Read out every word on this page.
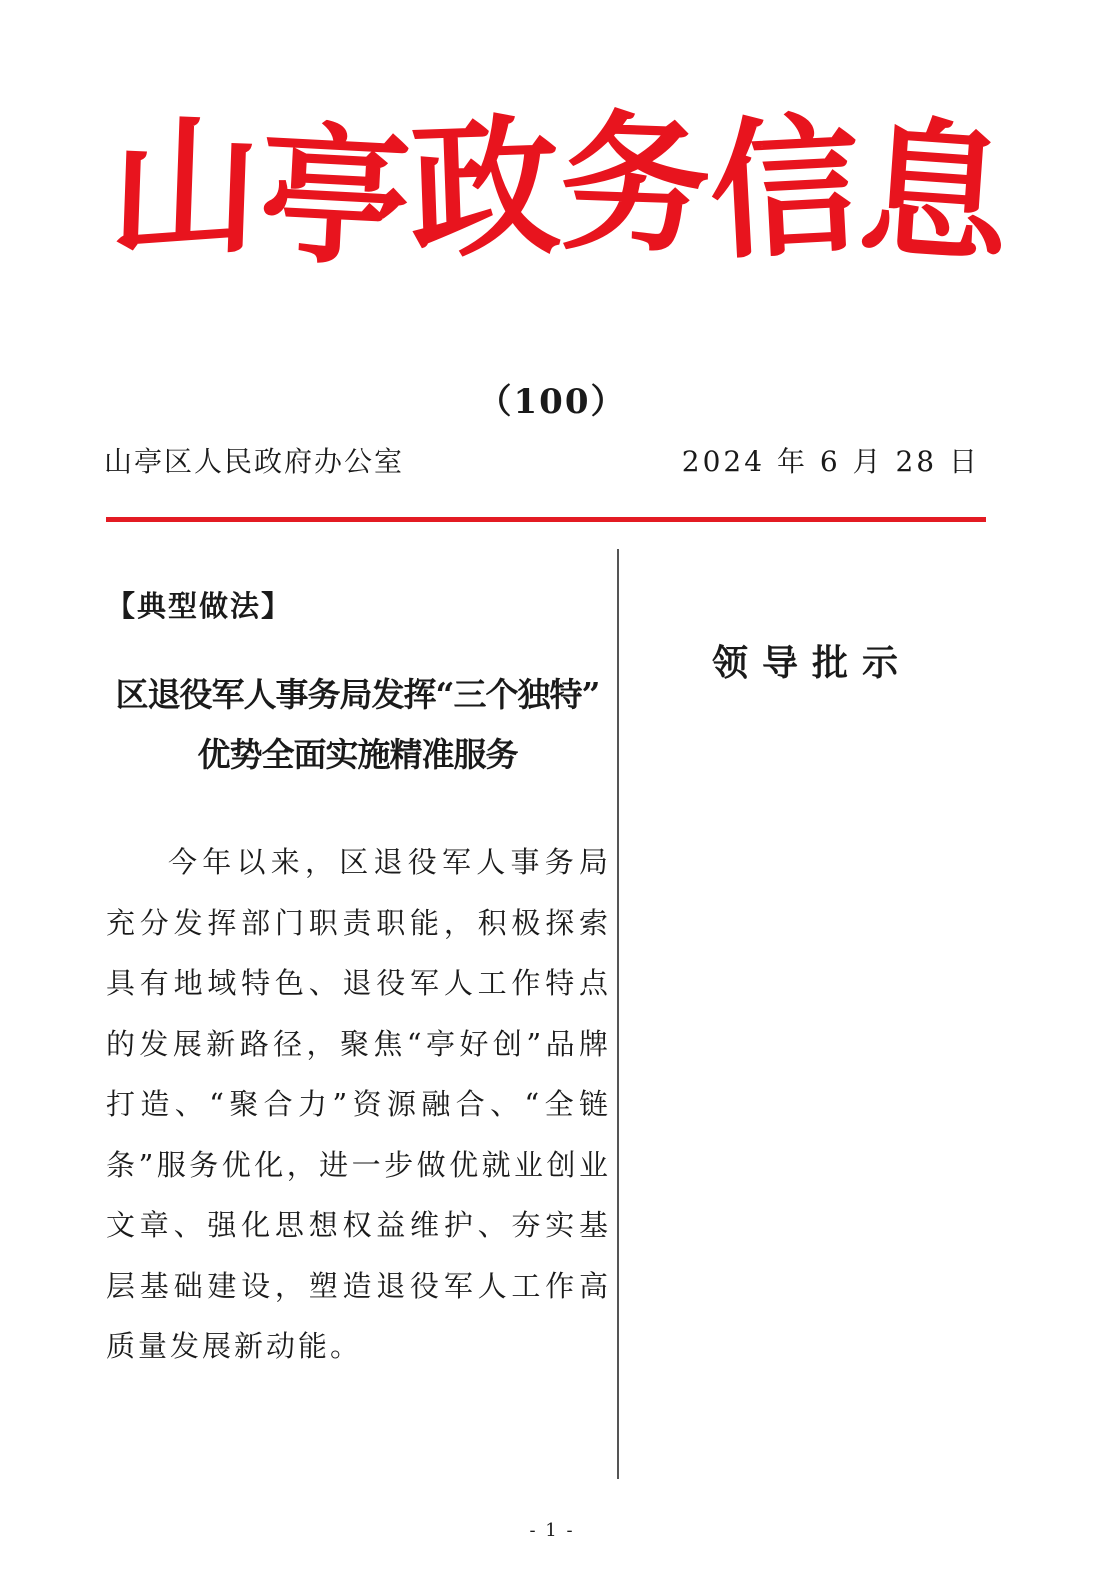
山
亭
政
务
信
息
（100）
山亭区人民政府办公室	2024 年 6 月 28 日
【典型做法】
区退役军人事务局发挥“三个独特”
优势全面实施精准服务
今年以来，区退役军人事务局充分发挥部门职责职能，积极探索具有地域特色、退役军人工作特点的发展新路径，聚焦“亭好创”品牌打造、“聚合力”资源融合、“全链条”服务优化，进一步做优就业创业文章、强化思想权益维护、夯实基层基础建设，塑造退役军人工作高质量发展新动能。
领导批示
- 1 -
